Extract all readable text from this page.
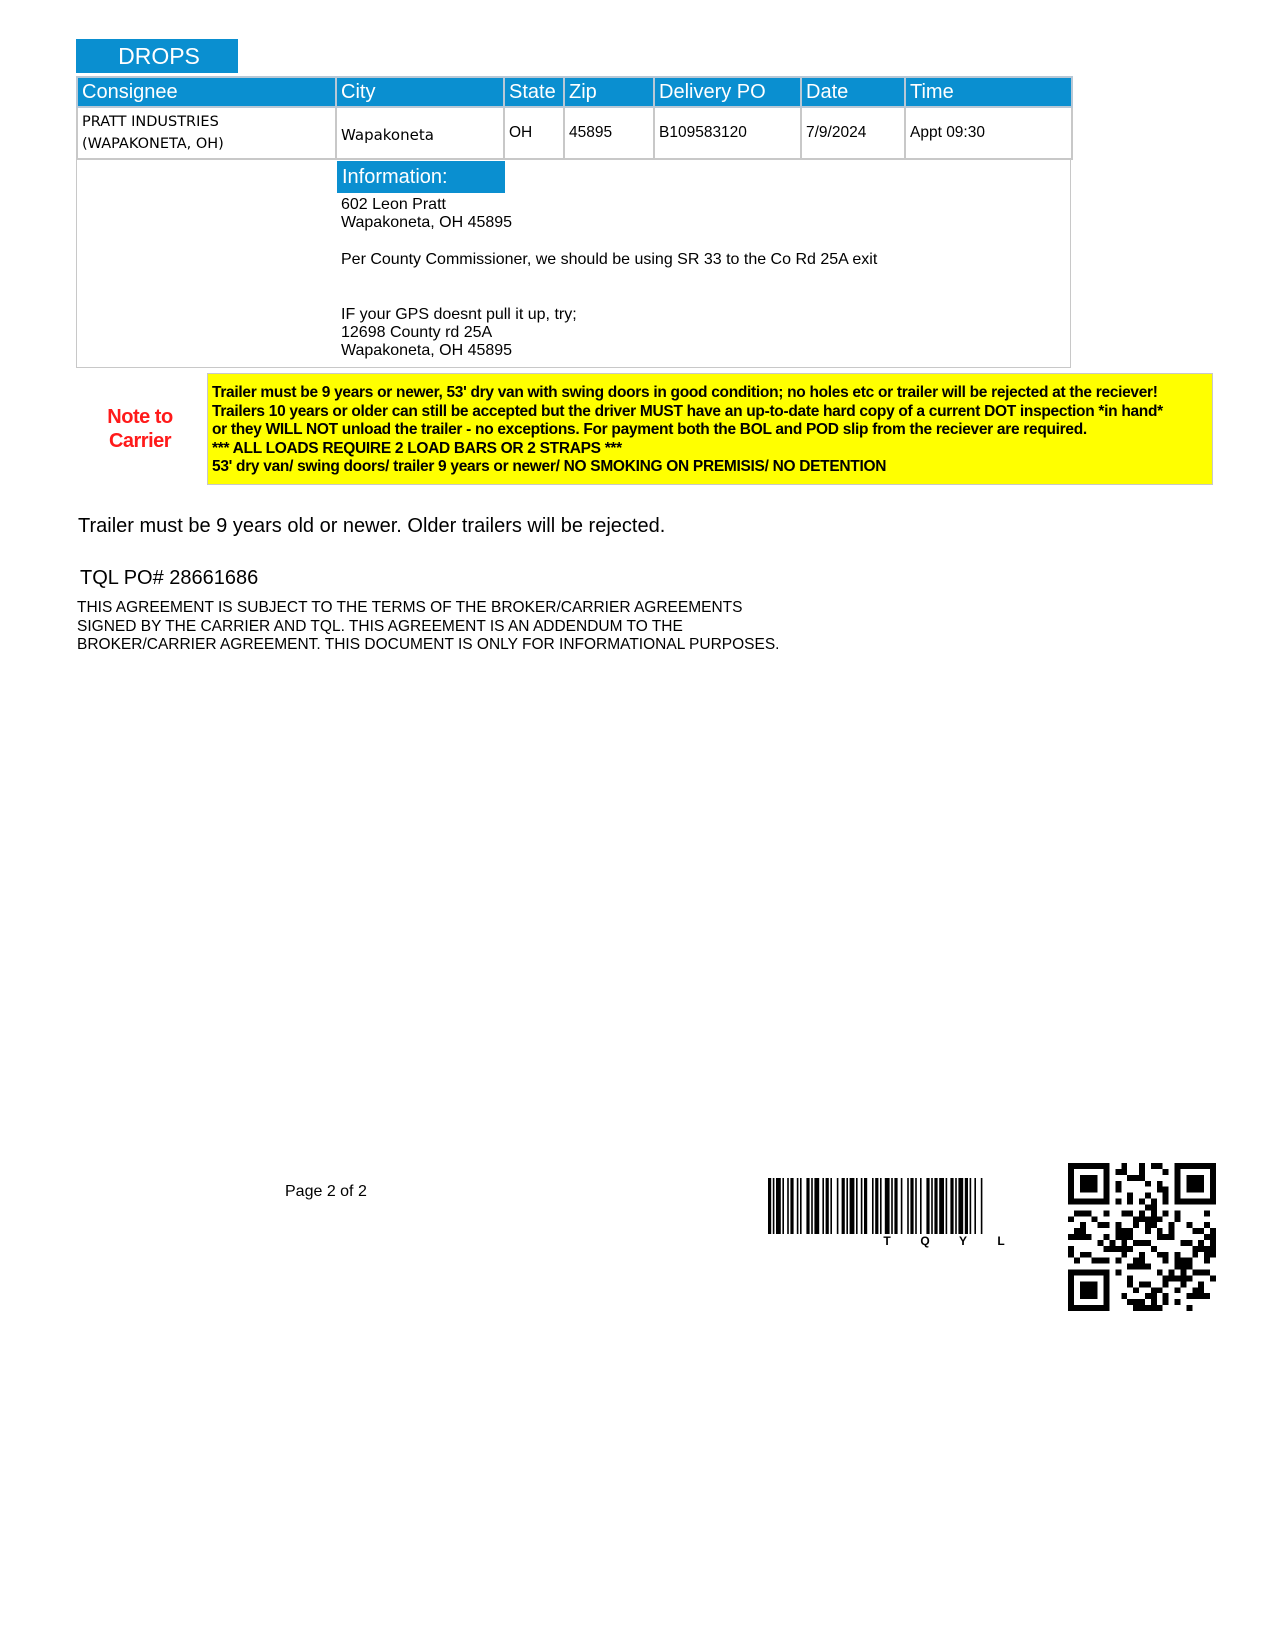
DROPS
Consignee	City	State	Zip	Delivery PO	Date	Time

PRATT INDUSTRIES
(WAPAKONETA, OH)	Wapakoneta	OH	45895	B109583120	7/9/2024	Appt 09:30
Information:
602 Leon Pratt
Wapakoneta, OH 45895
Per County Commissioner, we should be using SR 33 to the Co Rd 25A exit
IF your GPS doesnt pull it up, try;
12698 County rd 25A
Wapakoneta, OH 45895
Note to
Carrier
Trailer must be 9 years or newer, 53' dry van with swing doors in good condition; no holes etc or trailer will be rejected at the reciever!
Trailers 10 years or older can still be accepted but the driver MUST have an up-to-date hard copy of a current DOT inspection *in hand*
or they WILL NOT unload the trailer - no exceptions. For payment both the BOL and POD slip from the reciever are required.
*** ALL LOADS REQUIRE 2 LOAD BARS OR 2 STRAPS ***
53' dry van/ swing doors/ trailer 9 years or newer/ NO SMOKING ON PREMISIS/ NO DETENTION
Trailer must be 9 years old or newer. Older trailers will be rejected.
TQL PO# 28661686
THIS AGREEMENT IS SUBJECT TO THE TERMS OF THE BROKER/CARRIER AGREEMENTS SIGNED BY THE CARRIER AND TQL. THIS AGREEMENT IS AN ADDENDUM TO THE BROKER/CARRIER AGREEMENT. THIS DOCUMENT IS ONLY FOR INFORMATIONAL PURPOSES.
Page 2 of 2
T Q Y	L
